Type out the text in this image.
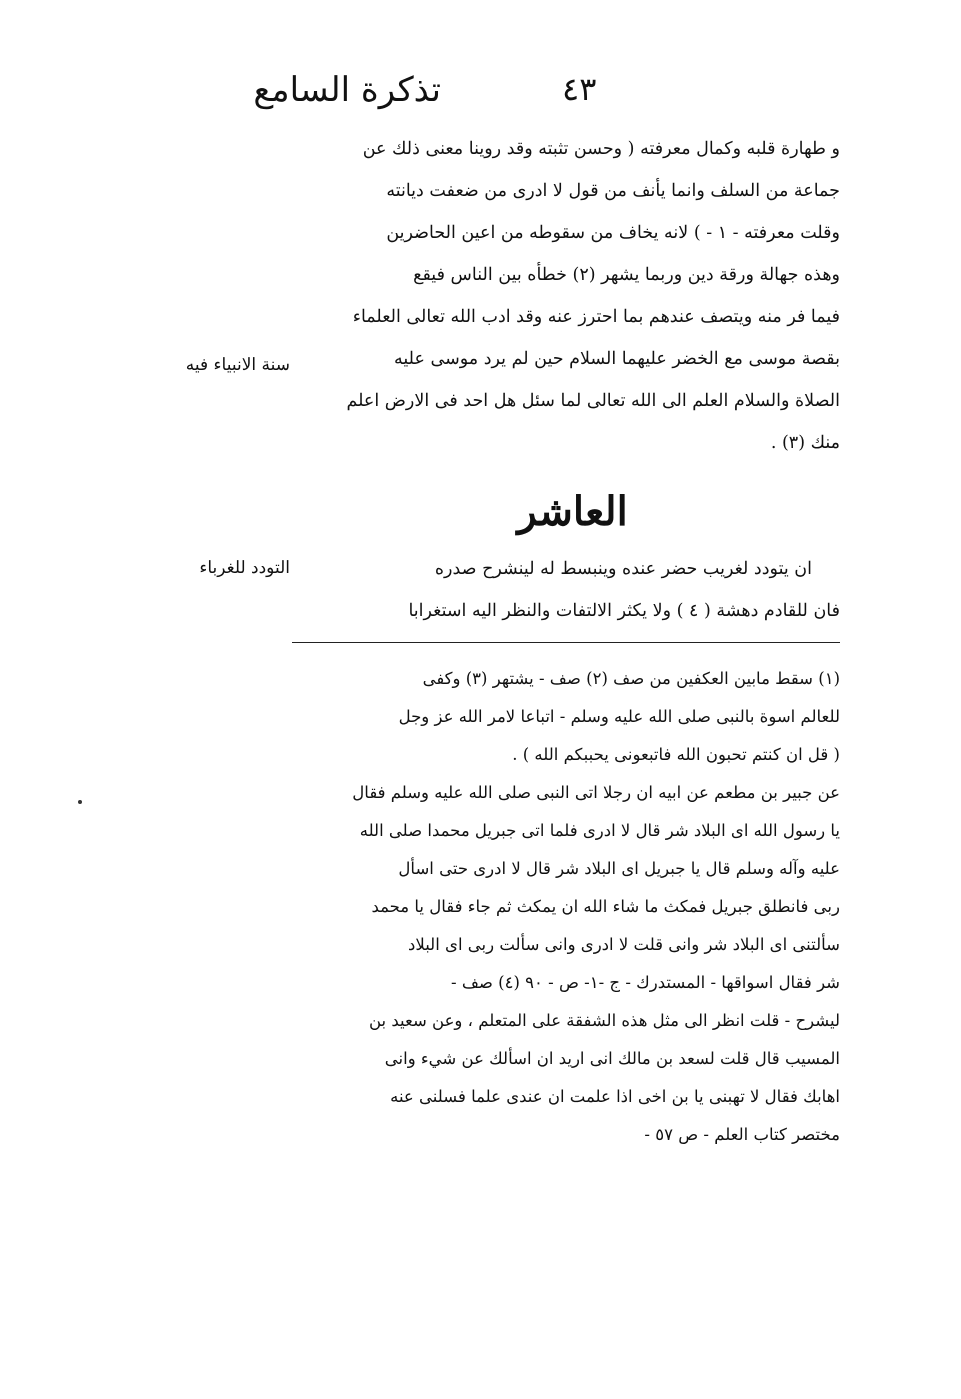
تذكرة السامع	٤٣
و طهارة قلبه وكمال معرفته ( وحسن تثبته وقد روينا معنى ذلك عن
جماعة من السلف وانما يأنف من قول لا ادرى من ضعفت ديانته
وقلت معرفته - ١ - ) لانه يخاف من سقوطه من اعين الحاضرين
وهذه جهالة ورقة دين وربما يشهر (٢) خطأه بين الناس فيقع
فيما فر منه ويتصف عندهم بما احترز عنه وقد ادب الله تعالى العلماء
بقصة موسى مع الخضر عليهما السلام حين لم يرد موسى عليه
الصلاة والسلام العلم الى الله تعالى لما سئل هل احد فى الارض اعلم
منك (٣) .
سنة الانبياء فيه
العاشر
ان يتودد لغريب حضر عنده وينبسط له لينشرح صدره
فان للقادم دهشة ( ٤ ) ولا يكثر الالتفات والنظر اليه استغرابا
التودد للغرباء
(١) سقط مابين العكفين من صف (٢) صف - يشتهر (٣) وكفى
للعالم اسوة بالنبى صلى الله عليه وسلم - اتباعا لامر الله عز وجل
( قل ان كنتم تحبون الله فاتبعونى يحببكم الله ) .
عن جبير بن مطعم عن ابيه ان رجلا اتى النبى صلى الله عليه وسلم فقال
يا رسول الله اى البلاد شر قال لا ادرى فلما اتى جبريل محمدا صلى الله
عليه وآله وسلم قال يا جبريل اى البلاد شر قال لا ادرى حتى اسأل
ربى فانطلق جبريل فمكث ما شاء الله ان يمكث ثم جاء فقال يا محمد
سألتنى اى البلاد شر وانى قلت لا ادرى وانى سألت ربى اى البلاد
شر فقال اسواقها - المستدرك - ج -١- ص - ٩٠ (٤) صف -
ليشرح - قلت انظر الى مثل هذه الشفقة على المتعلم ، وعن سعيد بن
المسيب قال قلت لسعد بن مالك انى اريد ان اسألك عن شيء وانى
اهابك فقال لا تهبنى يا بن اخى اذا علمت ان عندى علما فسلنى عنه
مختصر كتاب العلم - ص ٥٧ -
